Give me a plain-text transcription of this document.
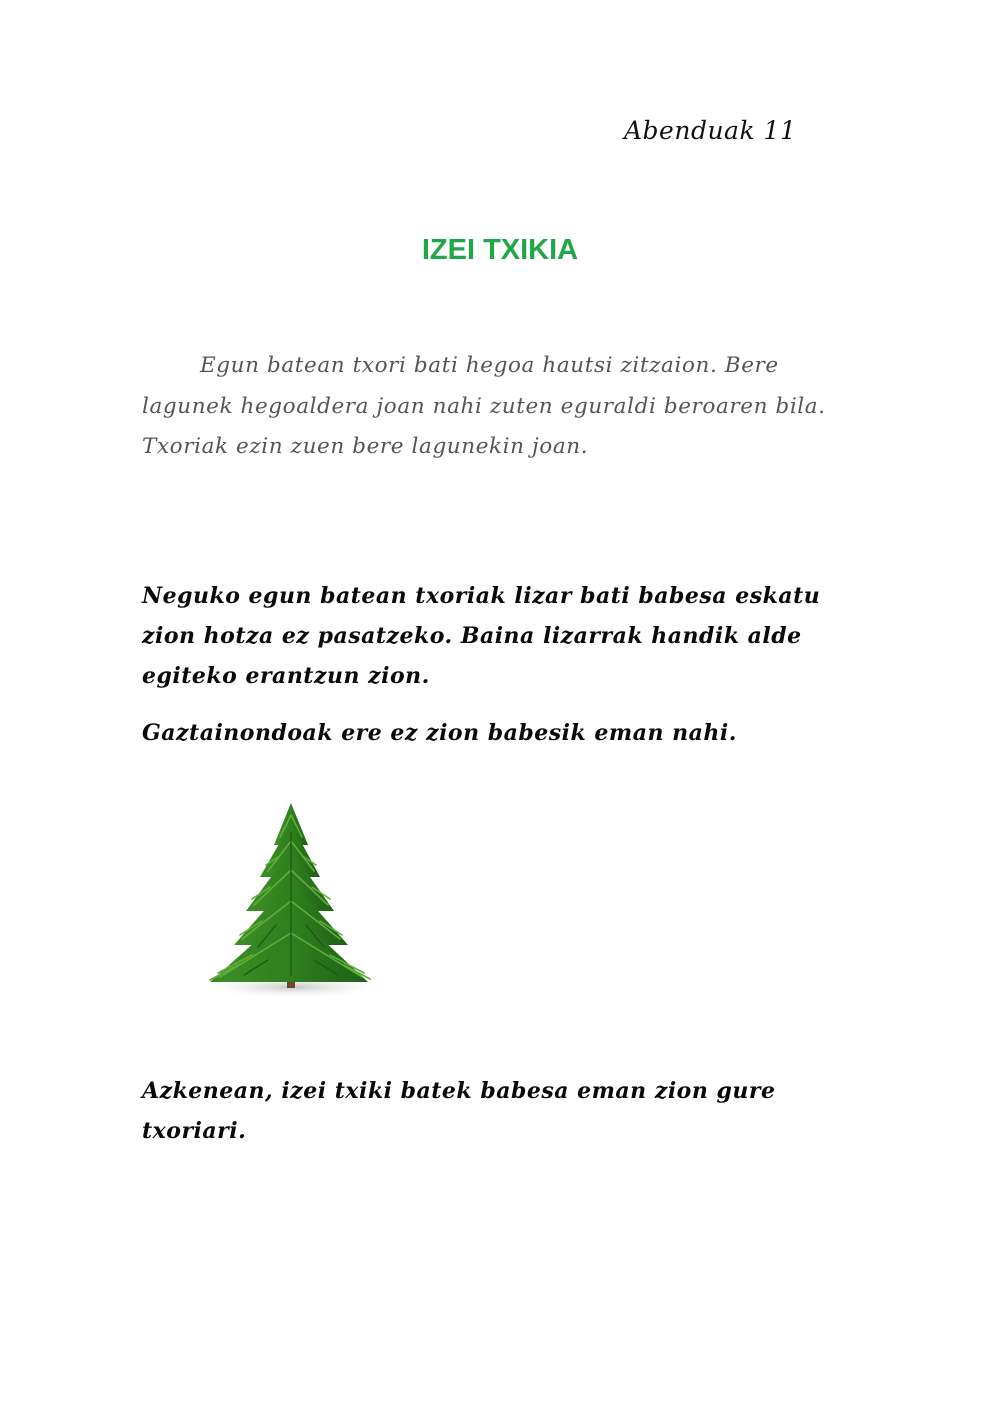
Abenduak 11
IZEI TXIKIA
Egun batean txori bati hegoa hautsi zitzaion. Bere lagunek hegoaldera joan nahi zuten eguraldi beroaren bila. Txoriak ezin zuen bere lagunekin joan.
Neguko egun batean txoriak lizar bati babesa eskatu zion hotza ez pasatzeko. Baina lizarrak handik alde egiteko erantzun zion.
Gaztainondoak ere ez zion babesik eman nahi.
Azkenean, izei txiki batek babesa eman zion gure txoriari.
